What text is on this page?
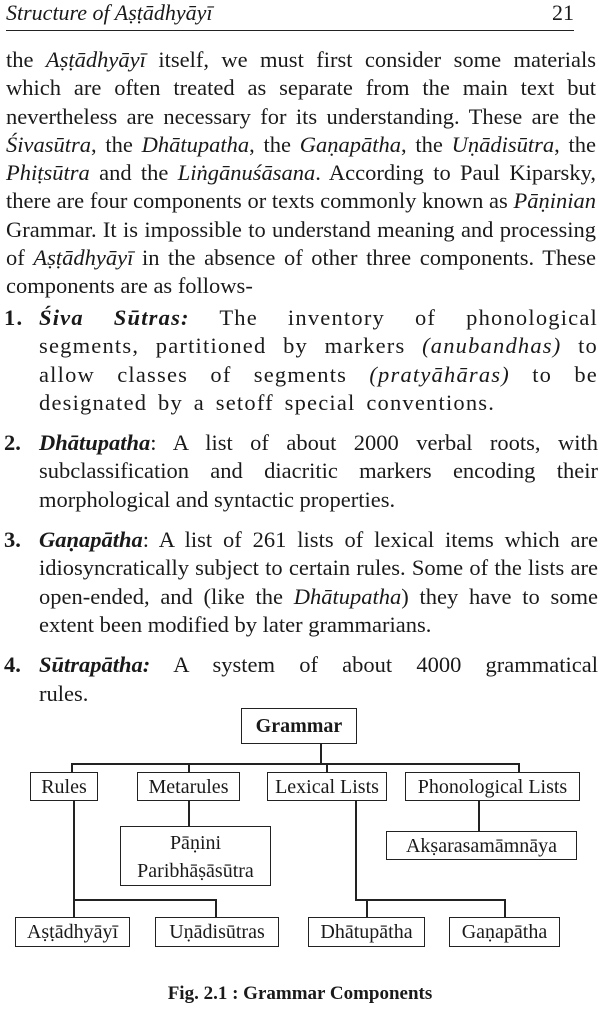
Structure of Aṣṭādhyāyī	21

the Aṣṭādhyāyī itself, we must first consider some materials which are often treated as separate from the main text but nevertheless are necessary for its understanding. These are the Śivasūtra, the Dhātupatha, the Gaṇapātha, the Uṇādisūtra, the Phiṭsūtra and the Liṅgānuśāsana. According to Paul Kiparsky, there are four components or texts commonly known as Pāṇinian Grammar. It is impossible to understand meaning and processing of Aṣṭādhyāyī in the absence of other three components. These components are as follows-

1. Śiva Sūtras: The inventory of phonological segments, partitioned by markers (anubandhas) to allow classes of segments (pratyāhāras) to be designated by a setoff special conventions.
2. Dhātupatha: A list of about 2000 verbal roots, with subclassification and diacritic markers encoding their morphological and syntactic properties.
3. Gaṇapātha: A list of 261 lists of lexical items which are idiosyncratically subject to certain rules. Some of the lists are open-ended, and (like the Dhātupatha) they have to some extent been modified by later grammarians.
4. Sūtrapātha: A system of about 4000 grammatical rules.
Grammar
Rules	Metarules	Lexical Lists	Phonological Lists
Pāṇini
Paribhāṣāsūtra
Akṣarasamāmnāya
Aṣṭādhyāyī	Uṇādisūtras	Dhātupātha	Gaṇapātha
Fig. 2.1 : Grammar Components
